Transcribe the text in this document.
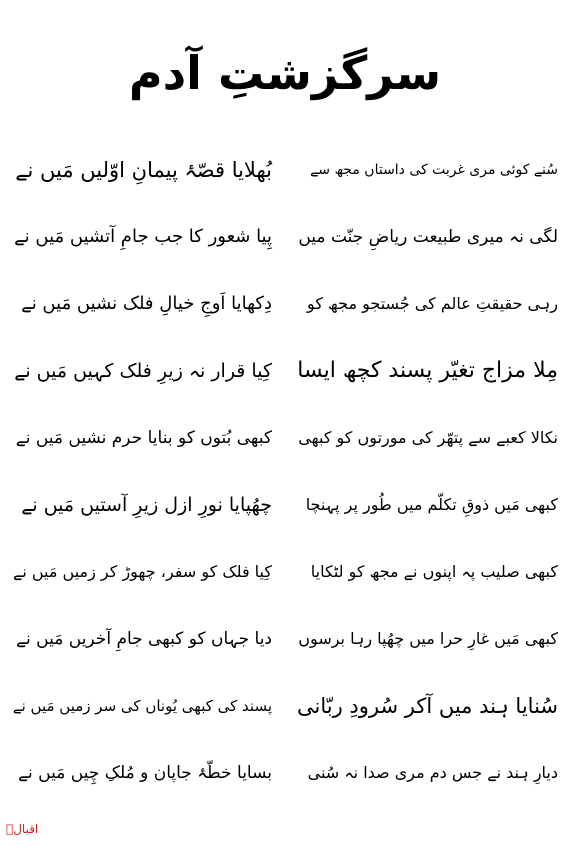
سرگزشتِ آدم
سُنے کوئی مری غربت کی داستاں مجھ سے
بُھلایا قصّۂ پیمانِ اوّلیں مَیں نے
لگی نہ میری طبیعت ریاضِ جنّت میں
پِیا شعور کا جب جامِ آتشیں مَیں نے
رہی حقیقتِ عالم کی جُستجو مجھ کو
دِکھایا اَوجِ خیالِ فلک نشیں مَیں نے
مِلا مزاج تغیّر پسند کچھ ایسا
کِیا قرار نہ زیرِ فلک کہیں مَیں نے
نکالا کعبے سے پتھّر کی مورتوں کو کبھی
کبھی بُتوں کو بنایا حرم نشیں مَیں نے
کبھی مَیں ذوقِ تکلّم میں طُور پر پہنچا
چھُپایا نورِ ازل زیرِ آستیں مَیں نے
کبھی صلیب پہ اپنوں نے مجھ کو لٹکایا
کِیا فلک کو سفر، چھوڑ کر زمیں مَیں نے
کبھی مَیں غارِ حرا میں چھُپا رہا برسوں
دیا جہاں کو کبھی جامِ آخریں مَیں نے
سُنایا ہند میں آکر سُرودِ ربّانی
پسند کی کبھی یُوناں کی سر زمیں مَیں نے
دیارِ ہند نے جس دم مری صدا نہ سُنی
بسایا خطّۂ جاپان و مُلکِ چِیں مَیں نے
اقبالؒ
